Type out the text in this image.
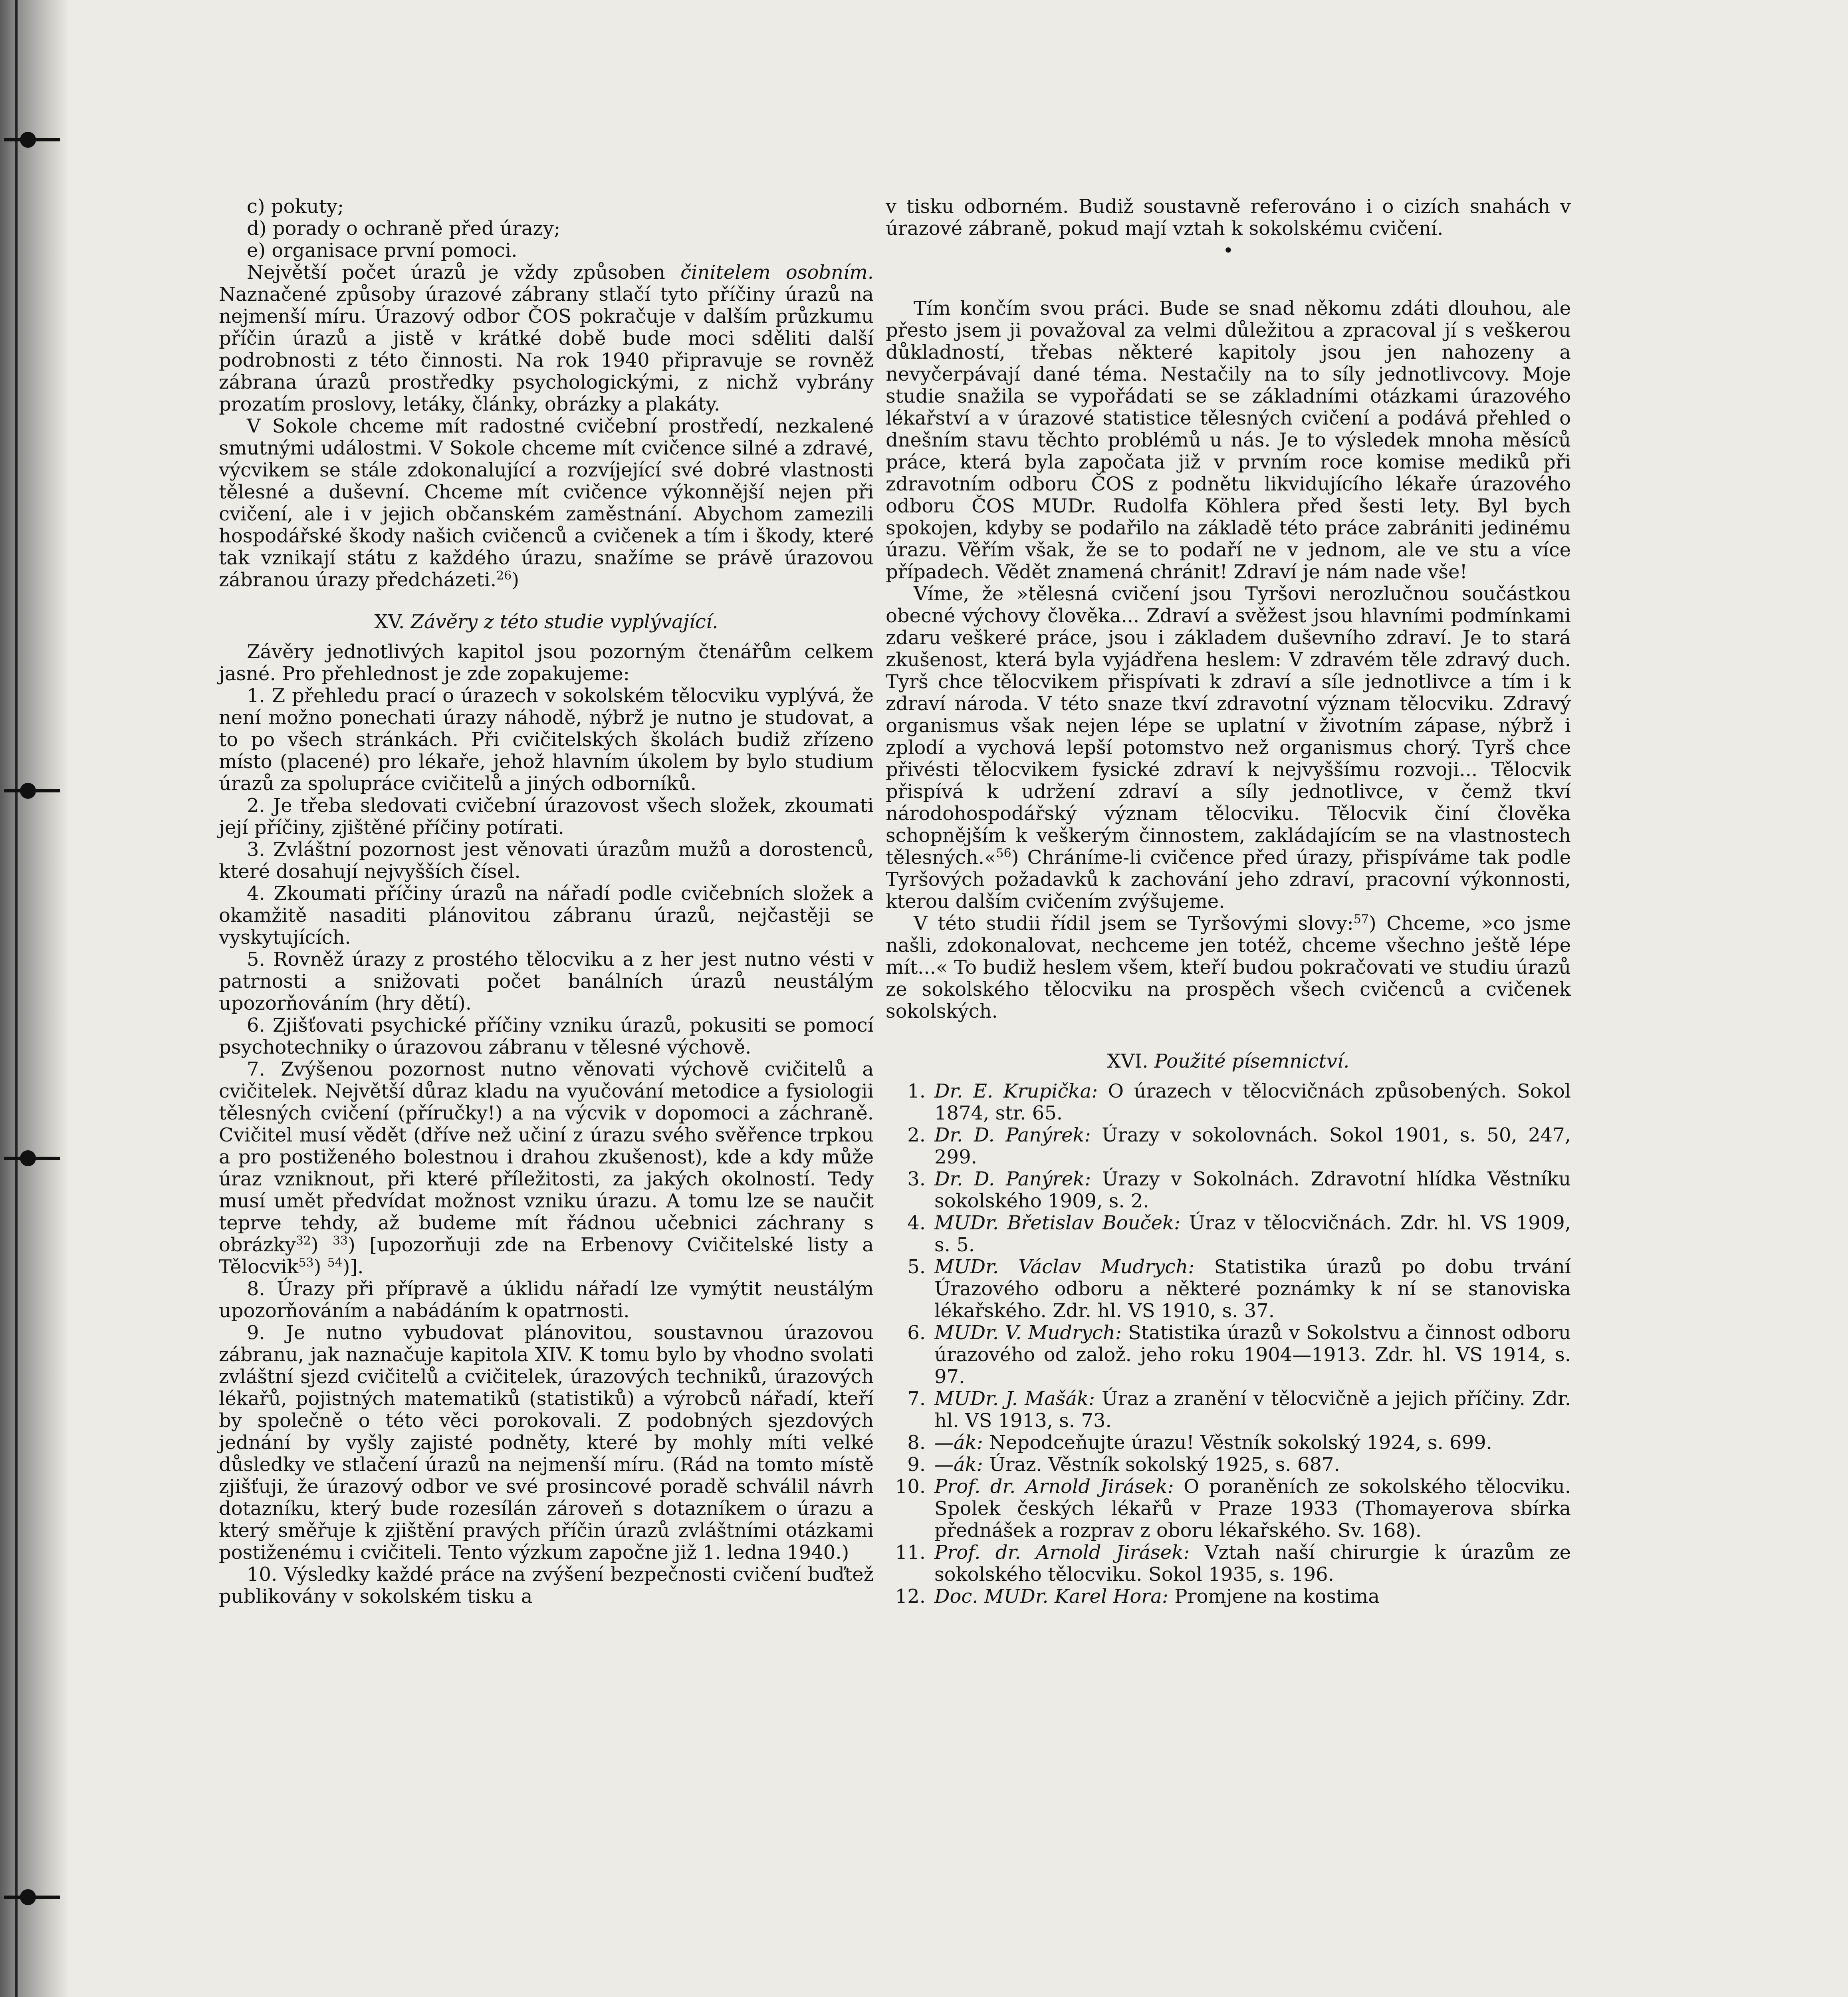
c) pokuty;

d) porady o ochraně před úrazy;

e) organisace první pomoci.

Největší počet úrazů je vždy způsoben činitelem osobním. Naznačené způsoby úrazové zábrany stlačí tyto příčiny úrazů na nejmenší míru. Úrazový odbor ČOS pokračuje v dalším průzkumu příčin úrazů a jistě v krátké době bude moci sděliti další podrobnosti z této činnosti. Na rok 1940 připravuje se rovněž zábrana úrazů prostředky psychologickými, z nichž vybrány prozatím proslovy, letáky, články, obrázky a plakáty.

V Sokole chceme mít radostné cvičební prostředí, nezkalené smutnými událostmi. V Sokole chceme mít cvičence silné a zdravé, výcvikem se stále zdokonalující a rozvíjející své dobré vlastnosti tělesné a duševní. Chceme mít cvičence výkonnější nejen při cvičení, ale i v jejich občanském zaměstnání. Abychom zamezili hospodářské škody našich cvičenců a cvičenek a tím i škody, které tak vznikají státu z každého úrazu, snažíme se právě úrazovou zábranou úrazy předcházeti.$^{26}$)

XV. Závěry z této studie vyplývající.

Závěry jednotlivých kapitol jsou pozorným čtenářům celkem jasné. Pro přehlednost je zde zopakujeme:

1. Z přehledu prací o úrazech v sokolském tělocviku vyplývá, že není možno ponechati úrazy náhodě, nýbrž je nutno je studovat, a to po všech stránkách. Při cvičitelských školách budiž zřízeno místo (placené) pro lékaře, jehož hlavním úkolem by bylo studium úrazů za spolupráce cvičitelů a jiných odborníků.

2. Je třeba sledovati cvičební úrazovost všech složek, zkoumati její příčiny, zjištěné příčiny potírati.

3. Zvláštní pozornost jest věnovati úrazům mužů a dorostenců, které dosahují nejvyšších čísel.

4. Zkoumati příčiny úrazů na nářadí podle cvičebních složek a okamžitě nasaditi plánovitou zábranu úrazů, nejčastěji se vyskytujících.

5. Rovněž úrazy z prostého tělocviku a z her jest nutno vésti v patrnosti a snižovati počet banálních úrazů neustálým upozorňováním (hry dětí).

6. Zjišťovati psychické příčiny vzniku úrazů, pokusiti se pomocí psychotechniky o úrazovou zábranu v tělesné výchově.

7. Zvýšenou pozornost nutno věnovati výchově cvičitelů a cvičitelek. Největší důraz kladu na vyučování metodice a fysiologii tělesných cvičení (příručky!) a na výcvik v dopomoci a záchraně. Cvičitel musí vědět (dříve než učiní z úrazu svého svěřence trpkou a pro postiženého bolestnou i drahou zkušenost), kde a kdy může úraz vzniknout, při které příležitosti, za jakých okolností. Tedy musí umět předvídat možnost vzniku úrazu. A tomu lze se naučit teprve tehdy, až budeme mít řádnou učebnici záchrany s obrázky$^{32}$) $^{33}$) [upozorňuji zde na Erbenovy Cvičitelské listy a Tělocvik$^{53}$) $^{54}$)].

8. Úrazy při přípravě a úklidu nářadí lze vymýtit neustálým upozorňováním a nabádáním k opatrnosti.

9. Je nutno vybudovat plánovitou, soustavnou úrazovou zábranu, jak naznačuje kapitola XIV. K tomu bylo by vhodno svolati zvláštní sjezd cvičitelů a cvičitelek, úrazových techniků, úrazových lékařů, pojistných matematiků (statistiků) a výrobců nářadí, kteří by společně o této věci porokovali. Z podobných sjezdových jednání by vyšly zajisté podněty, které by mohly míti velké důsledky ve stlačení úrazů na nejmenší míru. (Rád na tomto místě zjišťuji, že úrazový odbor ve své prosincové poradě schválil návrh dotazníku, který bude rozesílán zároveň s dotazníkem o úrazu a který směřuje k zjištění pravých příčin úrazů zvláštními otázkami postiženému i cvičiteli. Tento výzkum započne již 1. ledna 1940.)

10. Výsledky každé práce na zvýšení bezpečnosti cvičení buďtež publikovány v sokolském tisku a

v tisku odborném. Budiž soustavně referováno i o cizích snahách v úrazové zábraně, pokud mají vztah k sokolskému cvičení.

•

Tím končím svou práci. Bude se snad někomu zdáti dlouhou, ale přesto jsem ji považoval za velmi důležitou a zpracoval jí s veškerou důkladností, třebas některé kapitoly jsou jen nahozeny a nevyčerpávají dané téma. Nestačily na to síly jednotlivcovy. Moje studie snažila se vypořádati se se základními otázkami úrazového lékařství a v úrazové statistice tělesných cvičení a podává přehled o dnešním stavu těchto problémů u nás. Je to výsledek mnoha měsíců práce, která byla započata již v prvním roce komise mediků při zdravotním odboru ČOS z podnětu likvidujícího lékaře úrazového odboru ČOS MUDr. Rudolfa Köhlera před šesti lety. Byl bych spokojen, kdyby se podařilo na základě této práce zabrániti jedinému úrazu. Věřím však, že se to podaří ne v jednom, ale ve stu a více případech. Vědět znamená chránit! Zdraví je nám nade vše!

Víme, že »tělesná cvičení jsou Tyršovi nerozlučnou součástkou obecné výchovy člověka... Zdraví a svěžest jsou hlavními podmínkami zdaru veškeré práce, jsou i základem duševního zdraví. Je to stará zkušenost, která byla vyjádřena heslem: V zdravém těle zdravý duch. Tyrš chce tělocvikem přispívati k zdraví a síle jednotlivce a tím i k zdraví národa. V této snaze tkví zdravotní význam tělocviku. Zdravý organismus však nejen lépe se uplatní v životním zápase, nýbrž i zplodí a vychová lepší potomstvo než organismus chorý. Tyrš chce přivésti tělocvikem fysické zdraví k nejvyššímu rozvoji... Tělocvik přispívá k udržení zdraví a síly jednotlivce, v čemž tkví národohospodářský význam tělocviku. Tělocvik činí člověka schopnějším k veškerým činnostem, zakládajícím se na vlastnostech tělesných.«$^{56}$) Chráníme-li cvičence před úrazy, přispíváme tak podle Tyršových požadavků k zachování jeho zdraví, pracovní výkonnosti, kterou dalším cvičením zvýšujeme.

V této studii řídil jsem se Tyršovými slovy:$^{57}$) Chceme, »co jsme našli, zdokonalovat, nechceme jen totéž, chceme všechno ještě lépe mít...« To budiž heslem všem, kteří budou pokračovati ve studiu úrazů ze sokolského tělocviku na prospěch všech cvičenců a cvičenek sokolských.

XVI. Použité písemnictví.

1. Dr. E. Krupička: O úrazech v tělocvičnách způsobených. Sokol 1874, str. 65.

2. Dr. D. Panýrek: Úrazy v sokolovnách. Sokol 1901, s. 50, 247, 299.

3. Dr. D. Panýrek: Úrazy v Sokolnách. Zdravotní hlídka Věstníku sokolského 1909, s. 2.

4. MUDr. Břetislav Bouček: Úraz v tělocvičnách. Zdr. hl. VS 1909, s. 5.

5. MUDr. Václav Mudrych: Statistika úrazů po dobu trvání Úrazového odboru a některé poznámky k ní se stanoviska lékařského. Zdr. hl. VS 1910, s. 37.

6. MUDr. V. Mudrych: Statistika úrazů v Sokolstvu a činnost odboru úrazového od založ. jeho roku 1904—1913. Zdr. hl. VS 1914, s. 97.

7. MUDr. J. Mašák: Úraz a zranění v tělocvičně a jejich příčiny. Zdr. hl. VS 1913, s. 73.

8. —ák: Nepodceňujte úrazu! Věstník sokolský 1924, s. 699.

9. —ák: Úraz. Věstník sokolský 1925, s. 687.

10. Prof. dr. Arnold Jirásek: O poraněních ze sokolského tělocviku. Spolek českých lékařů v Praze 1933 (Thomayerova sbírka přednášek a rozprav z oboru lékařského. Sv. 168).

11. Prof. dr. Arnold Jirásek: Vztah naší chirurgie k úrazům ze sokolského tělocviku. Sokol 1935, s. 196.

12. Doc. MUDr. Karel Hora: Promjene na kostima
